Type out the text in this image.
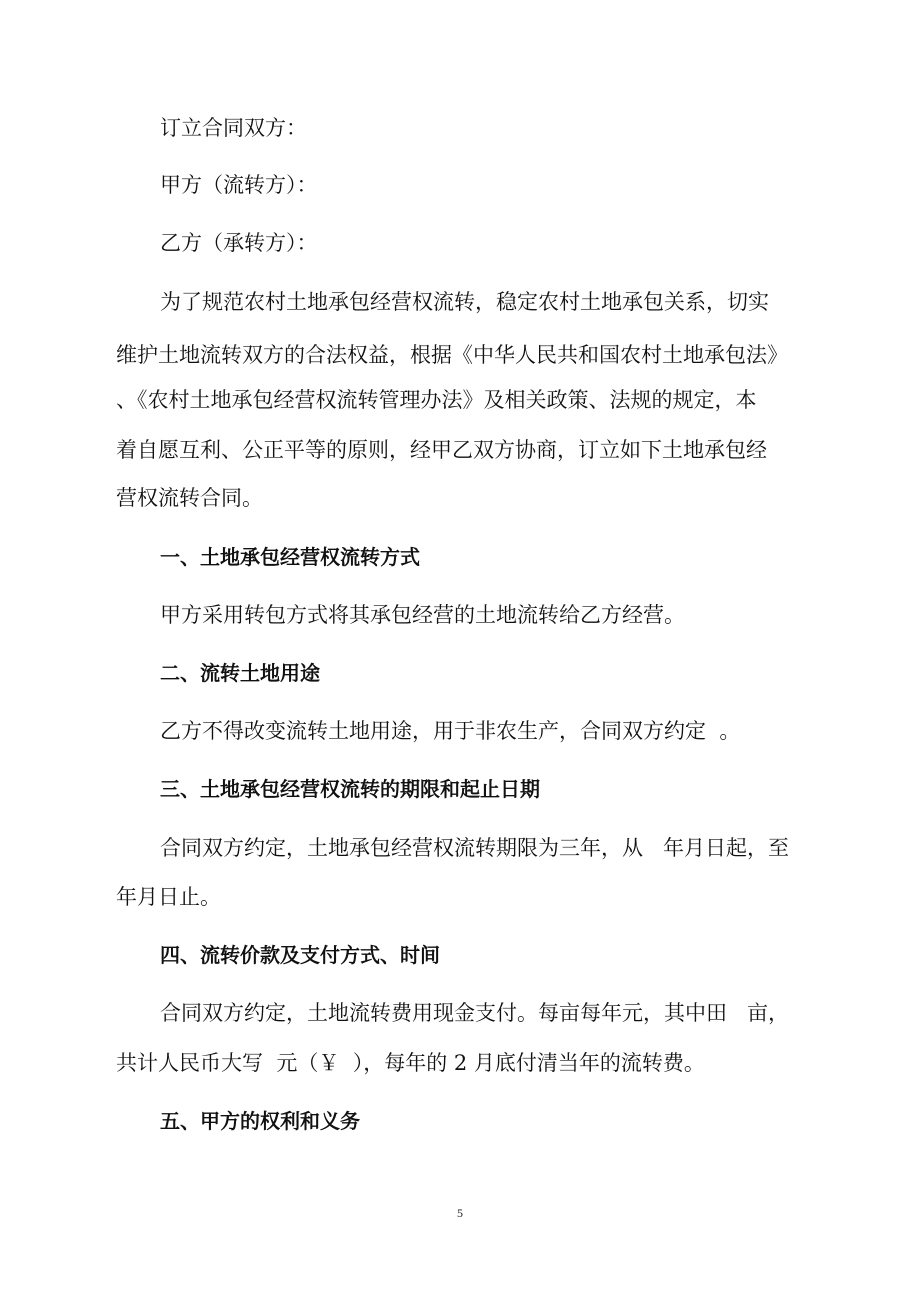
订立合同双方：

甲方（流转方）：

乙方（承转方）：

为了规范农村土地承包经营权流转，稳定农村土地承包关系，切实

维护土地流转双方的合法权益，根据《中华人民共和国农村土地承包法》

、《农村土地承包经营权流转管理办法》及相关政策、法规的规定，本

着自愿互利、公正平等的原则，经甲乙双方协商，订立如下土地承包经

营权流转合同。

一、土地承包经营权流转方式

甲方采用转包方式将其承包经营的土地流转给乙方经营。

二、流转土地用途

乙方不得改变流转土地用途，用于非农生产，合同双方约定  。

三、土地承包经营权流转的期限和起止日期

合同双方约定，土地承包经营权流转期限为三年，从   年月日起，至

年月日止。

四、流转价款及支付方式、时间

合同双方约定，土地流转费用现金支付。每亩每年元，其中田   亩，

共计人民币大写  元（￥  ），每年的 2 月底付清当年的流转费。

五、甲方的权利和义务

5
